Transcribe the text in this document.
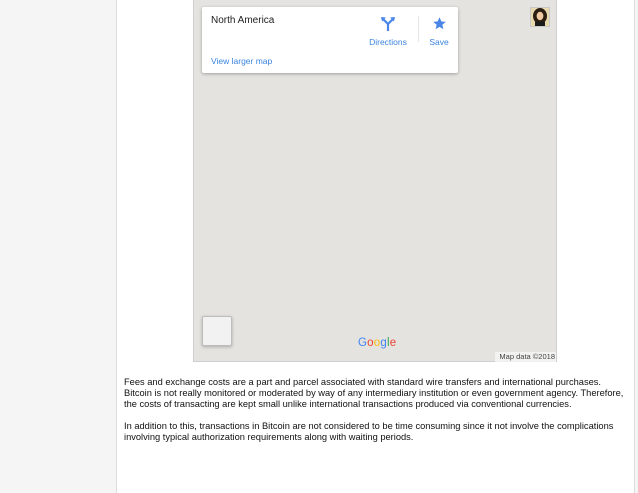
North America
Directions	Save
View larger map
Google
Map data ©2018

Fees and exchange costs are a part and parcel associated with standard wire transfers and international purchases. Bitcoin is not really monitored or moderated by way of any intermediary institution or even government agency. Therefore, the costs of transacting are kept small unlike international transactions produced via conventional currencies.

In addition to this, transactions in Bitcoin are not considered to be time consuming since it not involve the complications involving typical authorization requirements along with waiting periods.
